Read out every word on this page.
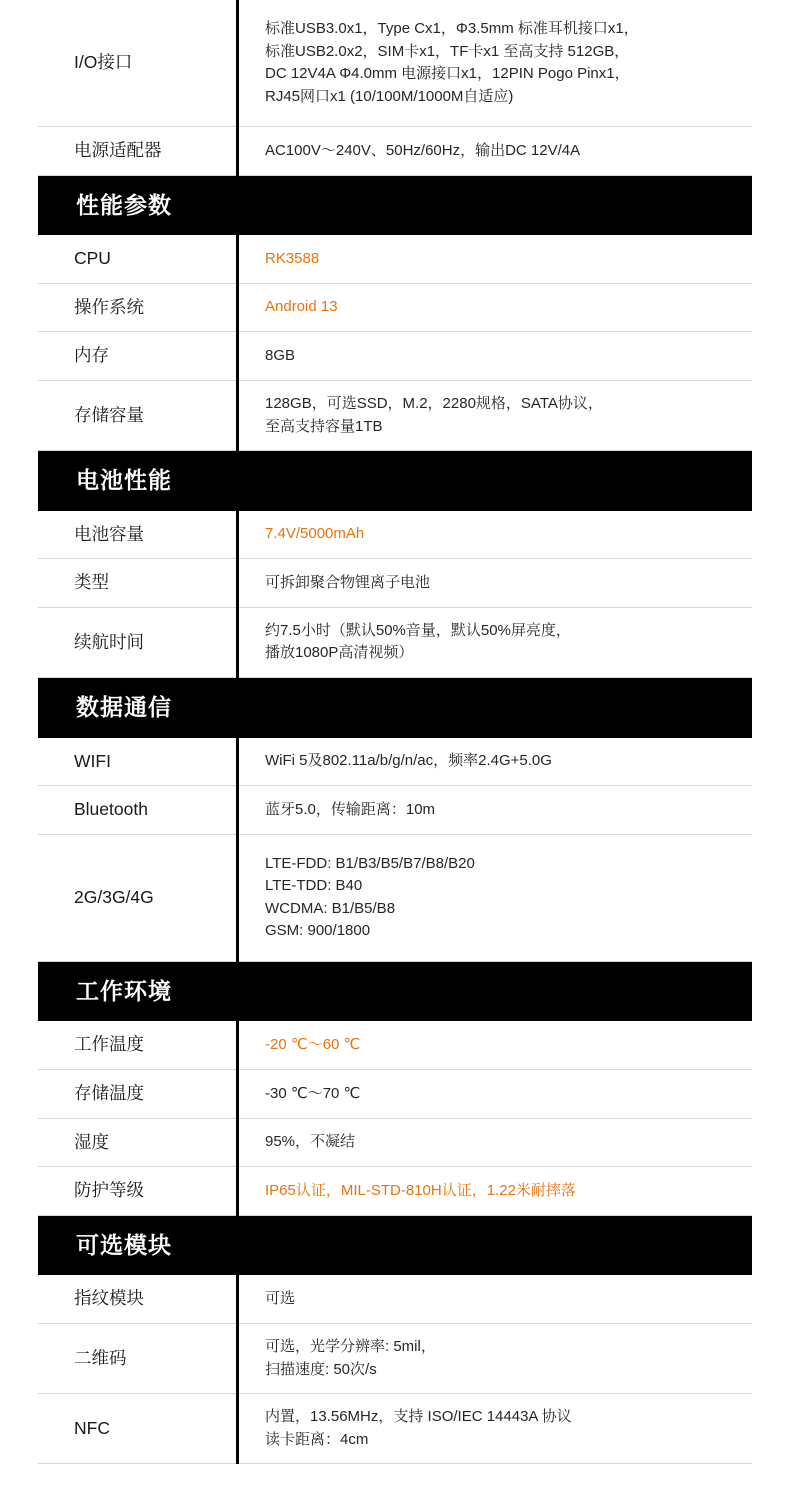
I/O接口		标准USB3.0x1，Type Cx1，Φ3.5mm 标准耳机接口x1，
标准USB2.0x2，SIM卡x1，TF卡x1 至高支持 512GB，
DC 12V4A Φ4.0mm 电源接口x1，12PIN Pogo Pinx1，
RJ45网口x1 (10/100M/1000M自适应)

电源适配器		AC100V～240V、50Hz/60Hz，输出DC 12V/4A

性能参数		

CPU		RK3588

操作系统		Android 13

内存		8GB

存储容量		128GB，可选SSD，M.2，2280规格，SATA协议，
至高支持容量1TB

电池性能		

电池容量		7.4V/5000mAh

类型		可拆卸聚合物锂离子电池

续航时间		约7.5小时（默认50%音量，默认50%屏亮度，
播放1080P高清视频）

数据通信		

WIFI		WiFi 5及802.11a/b/g/n/ac，频率2.4G+5.0G

Bluetooth		蓝牙5.0，传输距离：10m

2G/3G/4G		LTE-FDD: B1/B3/B5/B7/B8/B20
LTE-TDD: B40
WCDMA: B1/B5/B8
GSM: 900/1800

工作环境		

工作温度		-20 ℃～60 ℃

存储温度		-30 ℃～70 ℃

湿度		95%，不凝结

防护等级		IP65认证，MIL-STD-810H认证，1.22米耐摔落

可选模块		

指纹模块		可选

二维码		可选，光学分辨率: 5mil，
扫描速度: 50次/s

NFC		内置，13.56MHz，支持 ISO/IEC 14443A 协议
读卡距离：4cm
